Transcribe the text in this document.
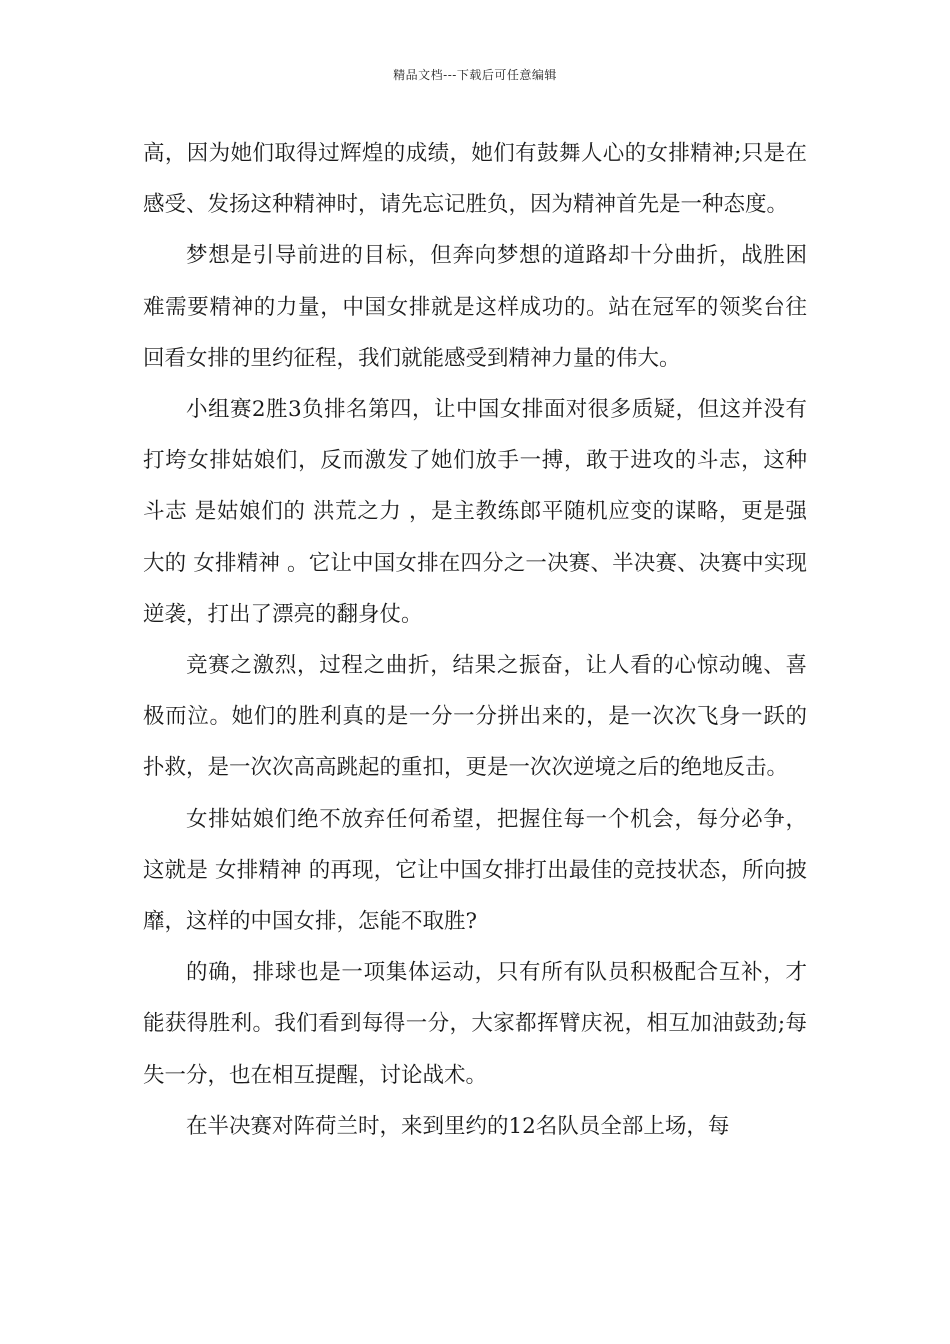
精品文档---下载后可任意编辑

高，因为她们取得过辉煌的成绩，她们有鼓舞人心的女排精神;只是在感受、发扬这种精神时，请先忘记胜负，因为精神首先是一种态度。

梦想是引导前进的目标，但奔向梦想的道路却十分曲折，战胜困难需要精神的力量，中国女排就是这样成功的。站在冠军的领奖台往回看女排的里约征程，我们就能感受到精神力量的伟大。

小组赛2胜3负排名第四，让中国女排面对很多质疑，但这并没有打垮女排姑娘们，反而激发了她们放手一搏，敢于进攻的斗志，这种 斗志 是姑娘们的 洪荒之力 ，是主教练郎平随机应变的谋略，更是强大的 女排精神 。它让中国女排在四分之一决赛、半决赛、决赛中实现逆袭，打出了漂亮的翻身仗。

竞赛之激烈，过程之曲折，结果之振奋，让人看的心惊动魄、喜极而泣。她们的胜利真的是一分一分拼出来的，是一次次飞身一跃的扑救，是一次次高高跳起的重扣，更是一次次逆境之后的绝地反击。

女排姑娘们绝不放弃任何希望，把握住每一个机会，每分必争，这就是 女排精神 的再现，它让中国女排打出最佳的竞技状态，所向披靡，这样的中国女排，怎能不取胜?

的确，排球也是一项集体运动，只有所有队员积极配合互补，才能获得胜利。我们看到每得一分，大家都挥臂庆祝，相互加油鼓劲;每失一分，也在相互提醒，讨论战术。

在半决赛对阵荷兰时，来到里约的12名队员全部上场，每
